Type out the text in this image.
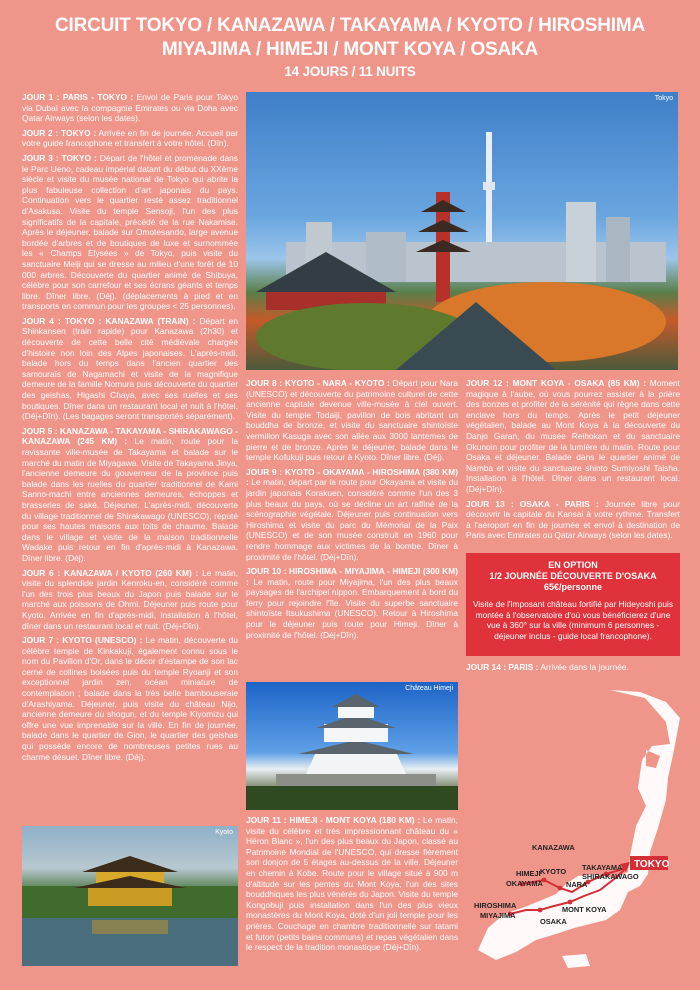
CIRCUIT TOKYO / KANAZAWA / TAKAYAMA / KYOTO / HIROSHIMA
MIYAJIMA / HIMEJI / MONT KOYA / OSAKA
14 JOURS / 11 NUITS

JOUR 1 : PARIS - TOKYO : Envol de Paris pour Tokyo via Dubaï avec la compagnie Emirates ou via Doha avec Qatar Airways (selon les dates).

JOUR 2 : TOKYO : Arrivée en fin de journée. Accueil par votre guide francophone et transfert à votre hôtel. (Dîn).

JOUR 3 : TOKYO : Départ de l'hôtel et promenade dans le Parc Ueno, cadeau impérial datant du début du XXème siècle et visite du musée national de Tokyo qui abrite la plus fabuleuse collection d'art japonais du pays. Continuation vers le quartier resté assez traditionnel d'Asakusa. Visite du temple Sensoji, l'un des plus significatifs de la capitale, précédé de la rue Nakamise. Après le déjeuner, balade sur Omotesando, large avenue bordée d'arbres et de boutiques de luxe et surnommée les « Champs Elysées » de Tokyo, puis visite du sanctuaire Meiji qui se dresse au milieu d'une forêt de 10 000 arbres. Découverte du quartier animé de Shibuya, célèbre pour son carrefour et ses écrans géants et temps libre. Dîner libre. (Déj). (déplacements à pied et en transports en commun pour les groupes < 25 personnes).

JOUR 4 : TOKYO : KANAZAWA (TRAIN) : Départ en Shinkansen (train rapide) pour Kanazawa (2h30) et découverte de cette belle cité médiévale chargée d'histoire non loin des Alpes japonaises. L'après-midi, balade hors du temps dans l'ancien quartier des samouraïs de Nagamachi et visite de la magnifique demeure de la famille Nomura puis découverte du quartier des geishas, Higashi Chaya, avec ses ruelles et ses boutiques. Dîner dans un restaurant local et nuit à l'hôtel. (Déj+Dîn). (Les bagages seront transportés séparément).

JOUR 5 : KANAZAWA - TAKAYAMA - SHIRAKAWAGO - KANAZAWA (245 KM) : Le matin, route pour la ravissante ville-musée de Takayama et balade sur le marché du matin de Miyagawa. Visite de Takayama Jinya, l'ancienne demeure du gouverneur de la province puis balade dans les ruelles du quartier traditionnel de Kami Sanno-machi entre anciennes demeures, échoppes et brasseries de saké. Déjeuner. L'après-midi, découverte du village traditionnel de Shirakawago (UNESCO), réputé pour ses hautes maisons aux toits de chaume. Balade dans le village et visite de la maison traditionnelle Wadake puis retour en fin d'après-midi à Kanazawa. Dîner libre. (Déj).

JOUR 6 : KANAZAWA / KYOTO (260 KM) : Le matin, visite du splendide jardin Kenroku-en, considéré comme l'un des trois plus beaux du Japon puis balade sur le marché aux poissons de Ohmi. Déjeuner puis route pour Kyoto. Arrivée en fin d'après-midi, installation à l'hôtel, dîner dans un restaurant local et nuit. (Déj+Dîn).

JOUR 7 : KYOTO (UNESCO) : Le matin, découverte du célèbre temple de Kinkakuji, également connu sous le nom du Pavillon d'Or, dans le décor d'estampe de son lac cerné de collines boisées puis du temple Ryoanji et son exceptionnel jardin zen, océan miniature de contemplation ; balade dans la très belle bambouseraie d'Arashiyama. Déjeuner, puis visite du château Nijo, ancienne demeure du shogun, et du temple Kiyomizu qui offre une vue imprenable sur la ville. En fin de journée, balade dans le quartier de Gion, le quartier des geishas qui possède encore de nombreuses petites rues au charme désuet. Dîner libre. (Déj).

Tokyo

JOUR 8 : KYOTO - NARA - KYOTO : Départ pour Nara (UNESCO) et découverte du patrimoine culturel de cette ancienne capitale devenue ville-musée à ciel ouvert. Visite du temple Todaiji, pavillon de bois abritant un bouddha de bronze, et visite du sanctuaire shintoïste vermillon Kasuga avec son allée aux 3000 lanternes de pierre et de bronze. Après le déjeuner, balade dans le temple Kofukuji puis retour à Kyoto. Dîner libre. (Déj).

JOUR 9 : KYOTO - OKAYAMA - HIROSHIMA (380 KM) : Le matin, départ par la route pour Okayama et visite du jardin japonais Korakuen, considéré comme l'un des 3 plus beaux du pays, où se décline un art raffiné de la scénographie végétale. Déjeuner puis continuation vers Hiroshima et visite du parc du Mémorial de la Paix (UNESCO) et de son musée construit en 1960 pour rendre hommage aux victimes de la bombe. Dîner à proximité de l'hôtel. (Déj+Dîn).

JOUR 10 : HIROSHIMA - MIYAJIMA - HIMEJI (300 KM) : Le matin, route pour Miyajima, l'un des plus beaux paysages de l'archipel nippon. Embarquement à bord du ferry pour rejoindre l'île. Visite du superbe sanctuaire shintoïste Itsukushima (UNESCO). Retour à Hiroshima pour le déjeuner puis route pour Himeji. Dîner à proximité de l'hôtel. (Déj+Dîn).

Château Himeji

JOUR 11 : HIMEJI - MONT KOYA (180 KM) : Le matin, visite du célèbre et très impressionnant château du « Héron Blanc », l'un des plus beaux du Japon, classé au Patrimoine Mondial de l'UNESCO, qui dresse fièrement son donjon de 5 étages au-dessus de la ville. Déjeuner en chemin à Kobe. Route pour le village situé à 900 m d'altitude sur les pentes du Mont Koya, l'un des sites bouddhiques les plus vénérés du Japon. Visite du temple Kongobuji puis installation dans l'un des plus vieux monastères du Mont Koya, doté d'un joli temple pour les prières. Couchage en chambre traditionnelle sur tatami et futon (petits bains communs) et repas végétalien dans le respect de la tradition monastique (Déj+Dîn).

JOUR 12 : MONT KOYA - OSAKA (85 KM) : Moment magique à l'aube, où vous pourrez assister à la prière des bonzes et profiter de la sérénité qui règne dans cette enclave hors du temps. Après le petit déjeuner végétalien, balade au Mont Koya à la découverte du Danjo Garan, du musée Reihokan et du sanctuaire Okunoin pour profiter de la lumière du matin. Route pour Osaka et déjeuner. Balade dans le quartier animé de Namba et visite du sanctuaire shinto Sumiyoshi Taisha. Installation à l'hôtel. Dîner dans un restaurant local. (Déj+Dîn).

JOUR 13 : OSAKA - PARIS : Journée libre pour découvrir la capitale du Kansai à votre rythme. Transfert à l'aéroport en fin de journée et envol à destination de Paris avec Emirates ou Qatar Airways (selon les dates).

EN OPTION
1/2 JOURNÉE DÉCOUVERTE D'OSAKA
65€/personne
Visite de l'imposant château fortifié par Hideyoshi puis montée à l'observatoire d'où vous bénéficierez d'une vue à 360° sur la ville (minimum 6 personnes - déjeuner inclus - guide local francophone).
JOUR 14 : PARIS : Arrivée dans la journée.
Kyoto
KANAZAWA
KYOTO TAKAYAMA
SHIRAKAWAGO
HIMEJI
OKAYAMA	NARA
HIROSHIMA
MIYAJIMA
OSAKA
MONT KOYA
TOKYO
